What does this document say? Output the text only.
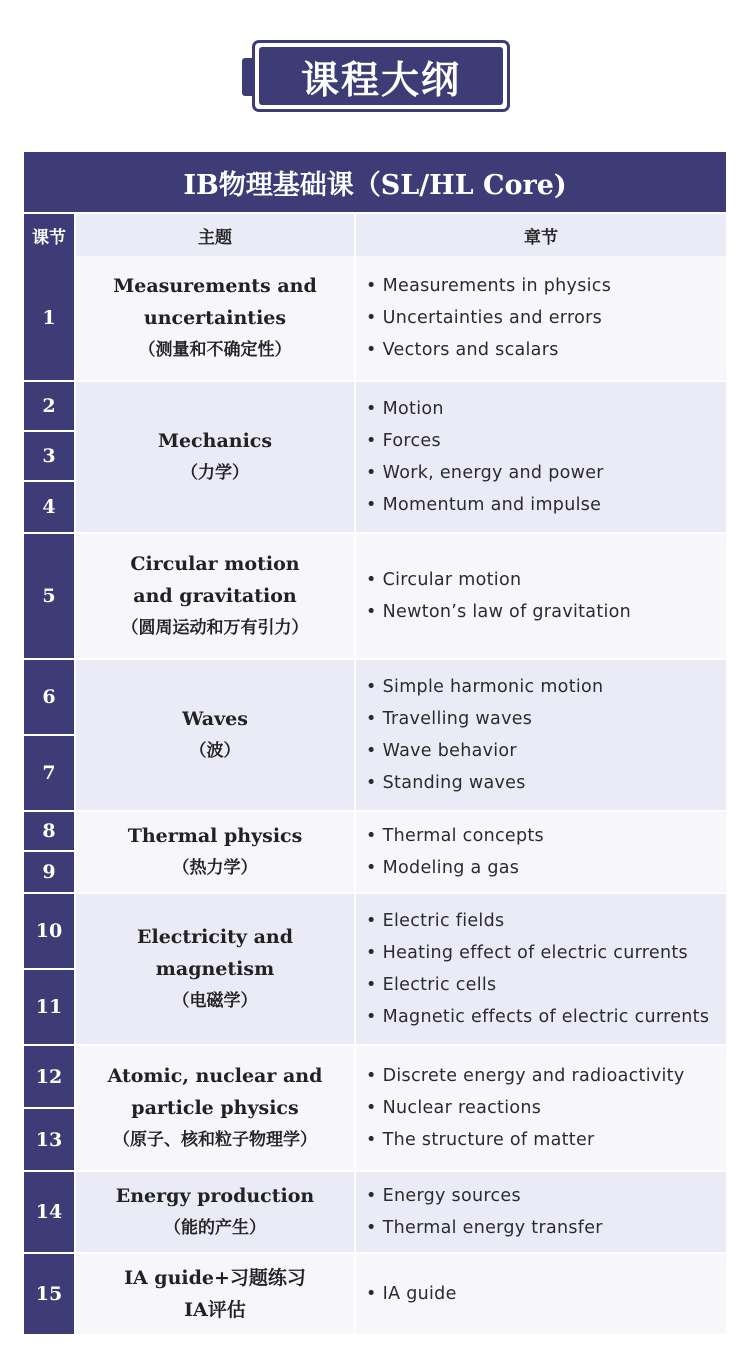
课程大纲
IB物理基础课（SL/HL Core)
课节	主题	章节
1
Measurements and
uncertainties
（测量和不确定性）
• Measurements in physics
• Uncertainties and errors
• Vectors and scalars
2
3
4
Mechanics
（力学）
• Motion
• Forces
• Work, energy and power
• Momentum and impulse
5
Circular motion
and gravitation
（圆周运动和万有引力）
• Circular motion
• Newton’s law of gravitation
6
7
Waves
（波）
• Simple harmonic motion
• Travelling waves
• Wave behavior
• Standing waves
8
9
Thermal physics
（热力学）
• Thermal concepts
• Modeling a gas
10
11
Electricity and magnetism
（电磁学）
• Electric fields
• Heating effect of electric currents
• Electric cells
• Magnetic effects of electric currents
12
13
Atomic, nuclear and
particle physics
（原子、核和粒子物理学）
• Discrete energy and radioactivity
• Nuclear reactions
• The structure of matter
14
Energy production
（能的产生）
• Energy sources
• Thermal energy transfer
15
IA guide+习题练习
IA评估
• IA guide
